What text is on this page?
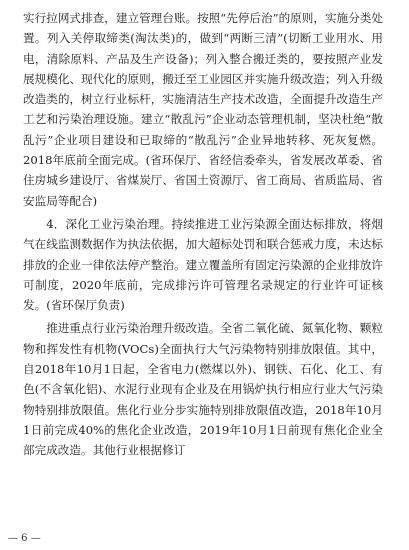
实行拉网式排查，建立管理台账。按照“先停后治”的原则，实施分类处置。列入关停取缔类(淘汰类)的，做到“两断三清”(切断工业用水、用电，清除原料、产品及生产设备)；列入整合搬迁类的，要按照产业发展规模化、现代化的原则，搬迁至工业园区并实施升级改造；列入升级改造类的，树立行业标杆，实施清洁生产技术改造，全面提升改造生产工艺和污染治理设施。建立“散乱污”企业动态管理机制，坚决杜绝“散乱污”企业项目建设和已取缔的“散乱污”企业异地转移、死灰复燃。2018年底前全面完成。(省环保厅、省经信委牵头，省发展改革委、省住房城乡建设厅、省煤炭厅、省国土资源厅、省工商局、省质监局、省安监局等配合)

4．深化工业污染治理。持续推进工业污染源全面达标排放，将烟气在线监测数据作为执法依据，加大超标处罚和联合惩戒力度，未达标排放的企业一律依法停产整治。建立覆盖所有固定污染源的企业排放许可制度，2020年底前，完成排污许可管理名录规定的行业许可证核发。(省环保厅负责)

推进重点行业污染治理升级改造。全省二氧化硫、氮氧化物、颗粒物和挥发性有机物(VOCs)全面执行大气污染物特别排放限值。其中，自2018年10月1日起，全省电力(燃煤以外)、钢铁、石化、化工、有色(不含氧化铝)、水泥行业现有企业及在用锅炉执行相应行业大气污染物特别排放限值。焦化行业分步实施特别排放限值改造，2018年10月1日前完成40%的焦化企业改造，2019年10月1日前现有焦化企业全部完成改造。其他行业根据修订

— 6 —
